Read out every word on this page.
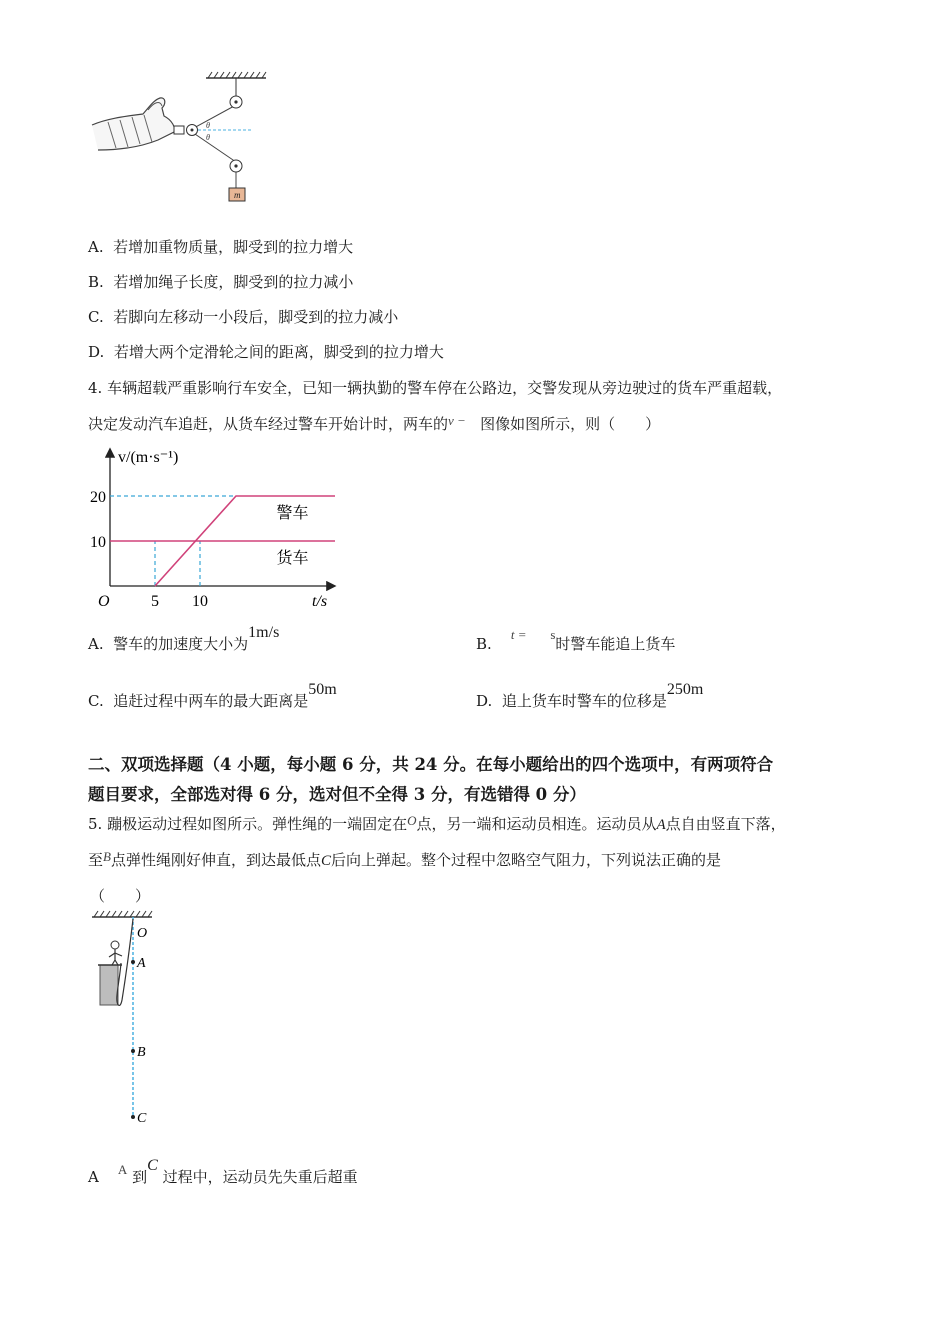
θ
θ
m
A. 若增加重物质量，脚受到的拉力增大
B. 若增加绳子长度，脚受到的拉力减小
C. 若脚向左移动一小段后，脚受到的拉力减小
D. 若增大两个定滑轮之间的距离，脚受到的拉力增大
4. 车辆超载严重影响行车安全，已知一辆执勤的警车停在公路边，交警发现从旁边驶过的货车严重超载，
决定发动汽车追赶，从货车经过警车开始计时，两车的v − 图像如图所示，则（　　）
v/(m·s⁻¹)
t/s
O	5 10
20
10
警车
货车
A. 警车的加速度大小为1m/s
B.    t = s时警车能追上货车
C. 追赶过程中两车的最大距离是50m
D. 追上货车时警车的位移是250m
二、双项选择题（4 小题，每小题 6 分，共 24 分。在每小题给出的四个选项中，有两项符合
题目要求，全部选对得 6 分，选对但不全得 3 分，有选错得 0 分）
5. 蹦极运动过程如图所示。弹性绳的一端固定在O点，另一端和运动员相连。运动员从A点自由竖直下落，
至B点弹性绳刚好伸直，到达最低点C后向上弹起。整个过程中忽略空气阻力，下列说法正确的是
（　　）
O
A
B
C
A A 到C 过程中，运动员先失重后超重
